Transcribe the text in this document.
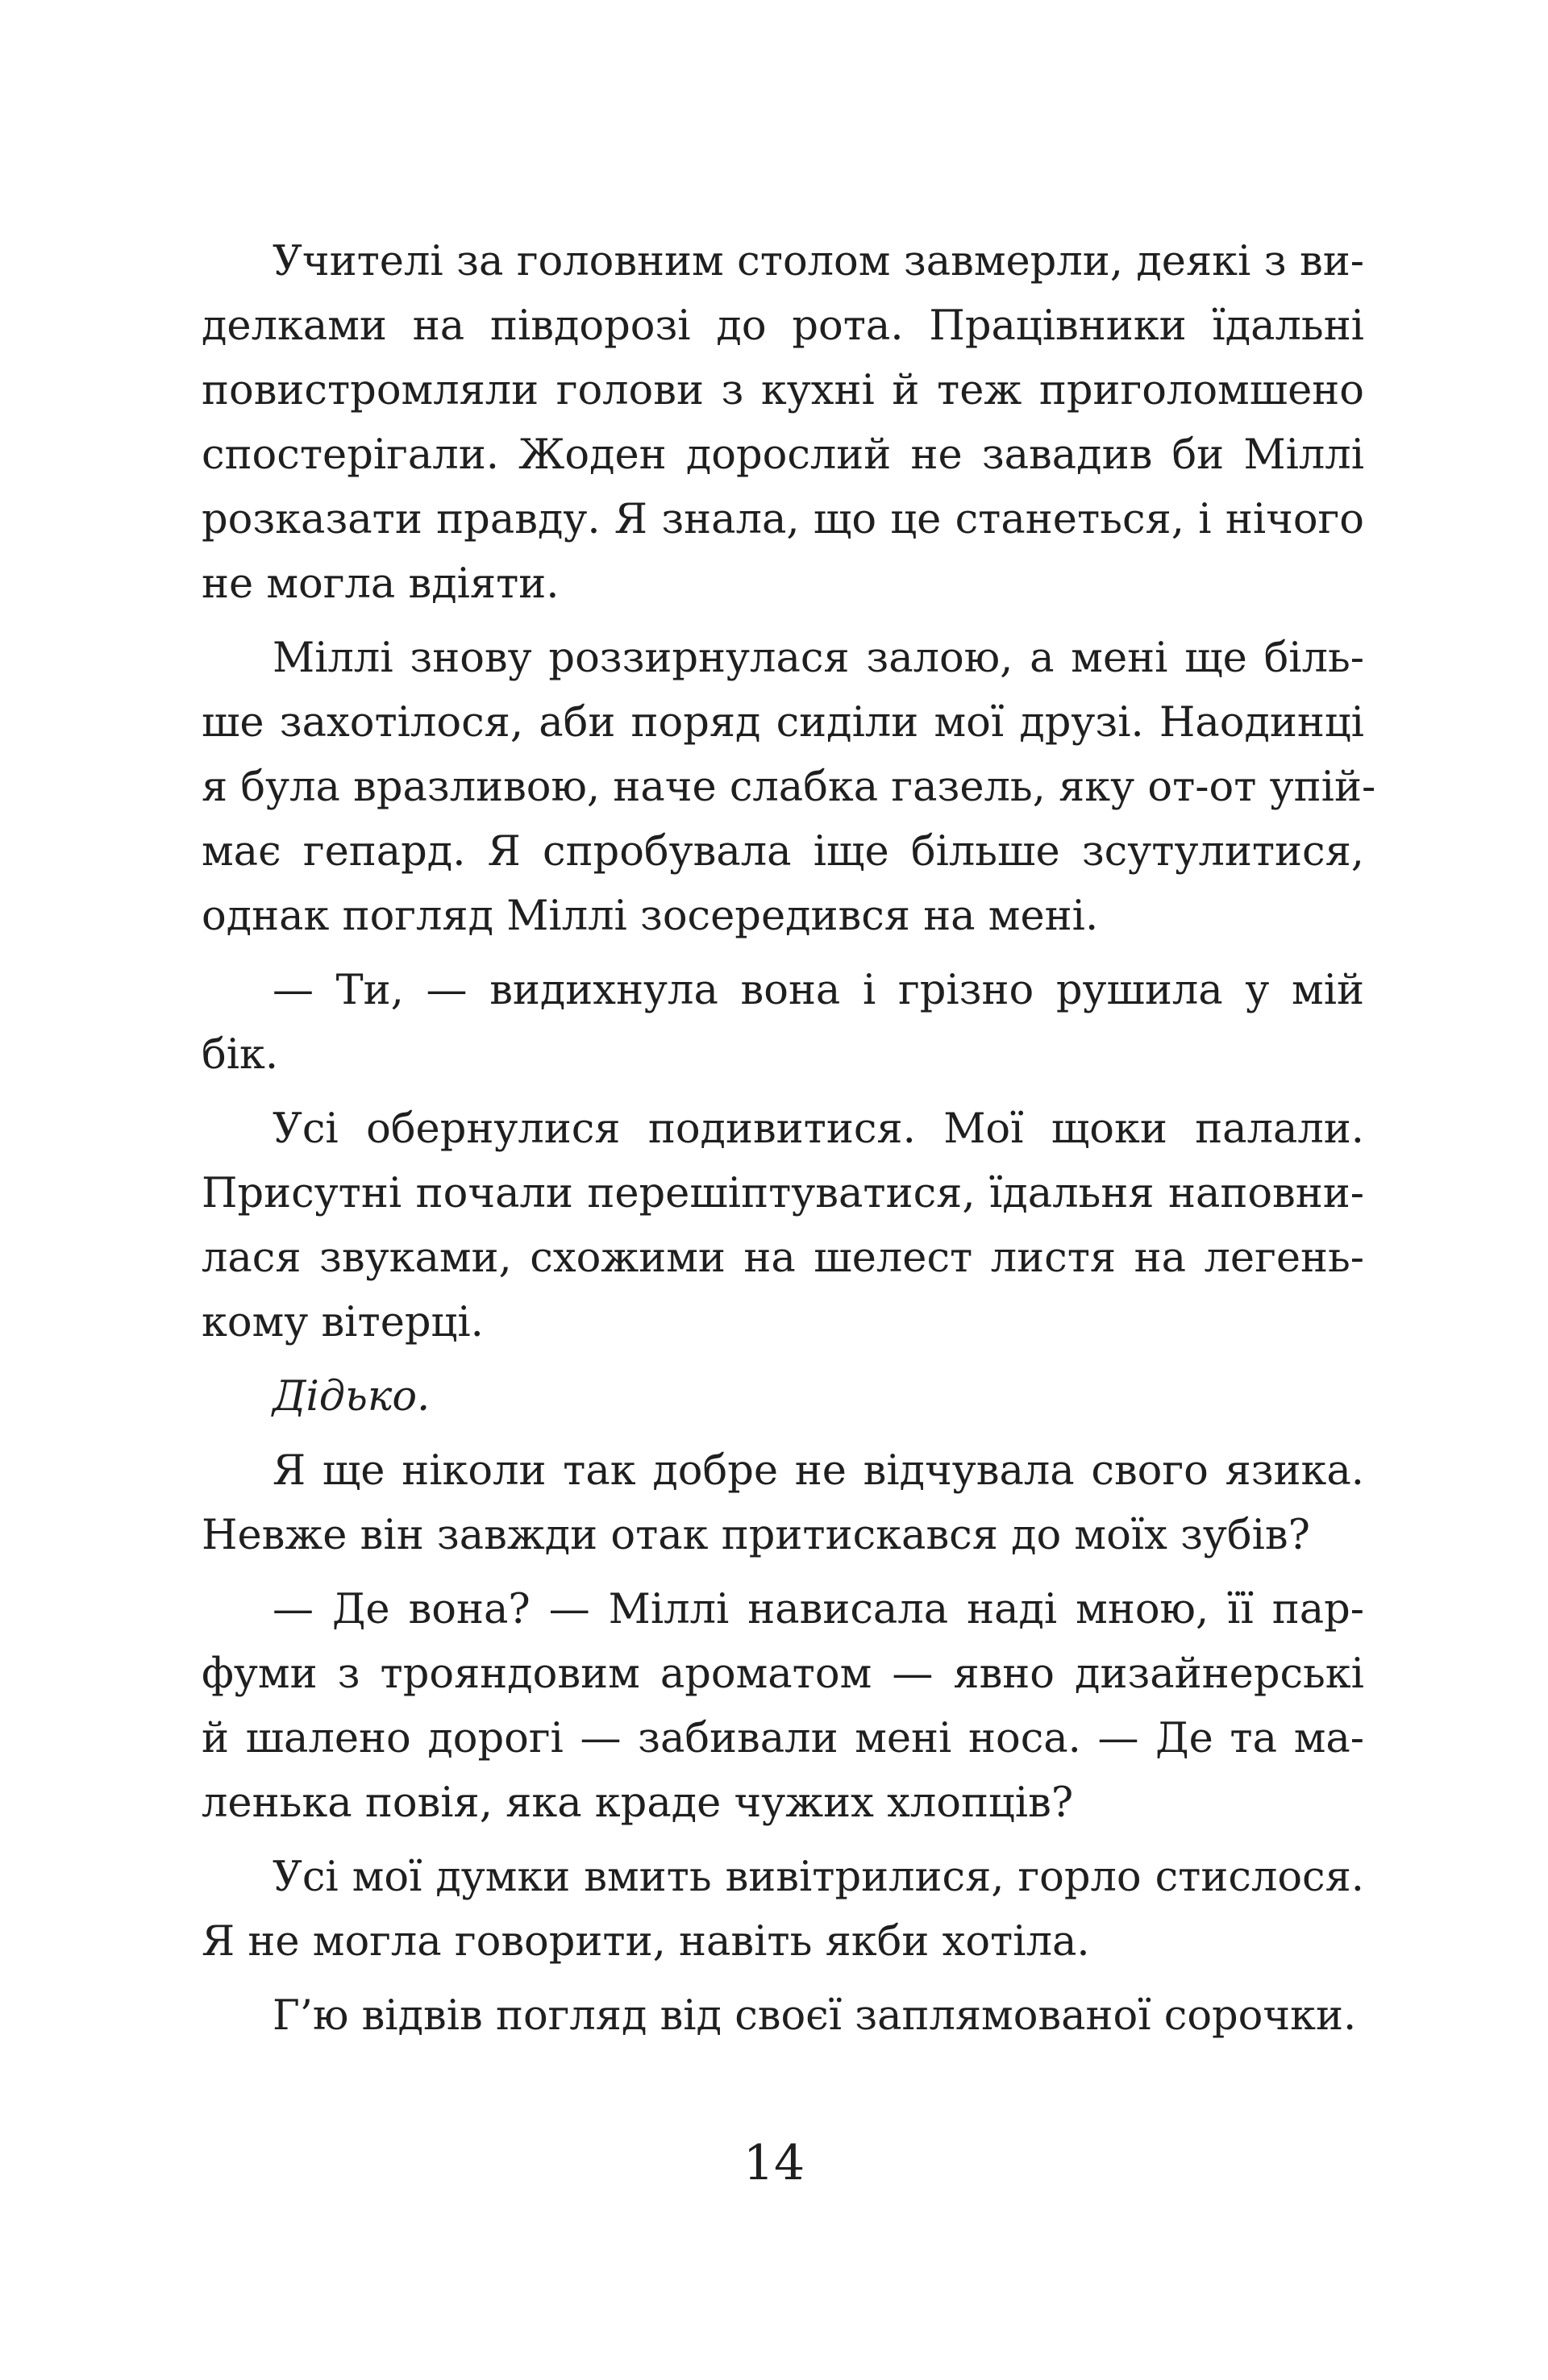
Учителі за головним столом завмерли, деякі з ви-
делками на півдорозі до рота. Працівники їдальні
повистромляли голови з кухні й теж приголомшено
спостерігали. Жоден дорослий не завадив би Міллі
розказати правду. Я знала, що це станеться, і нічого
не могла вдіяти.
Міллі знову роззирнулася залою, а мені ще біль-
ше захотілося, аби поряд сиділи мої друзі. Наодинці
я була вразливою, наче слабка газель, яку от-от упій-
має гепард. Я спробувала іще більше зсутулитися,
однак погляд Міллі зосередився на мені.
— Ти, — видихнула вона і грізно рушила у мій
бік.
Усі обернулися подивитися. Мої щоки палали.
Присутні почали перешіптуватися, їдальня наповни-
лася звуками, схожими на шелест листя на легень-
кому вітерці.
Дідько.
Я ще ніколи так добре не відчувала свого язика.
Невже він завжди отак притискався до моїх зубів?
— Де вона? — Міллі нависала наді мною, її пар-
фуми з трояндовим ароматом — явно дизайнерські
й шалено дорогі — забивали мені носа. — Де та ма-
ленька повія, яка краде чужих хлопців?
Усі мої думки вмить вивітрилися, горло стислося.
Я не могла говорити, навіть якби хотіла.
Г’ю відвів погляд від своєї заплямованої сорочки.
14
